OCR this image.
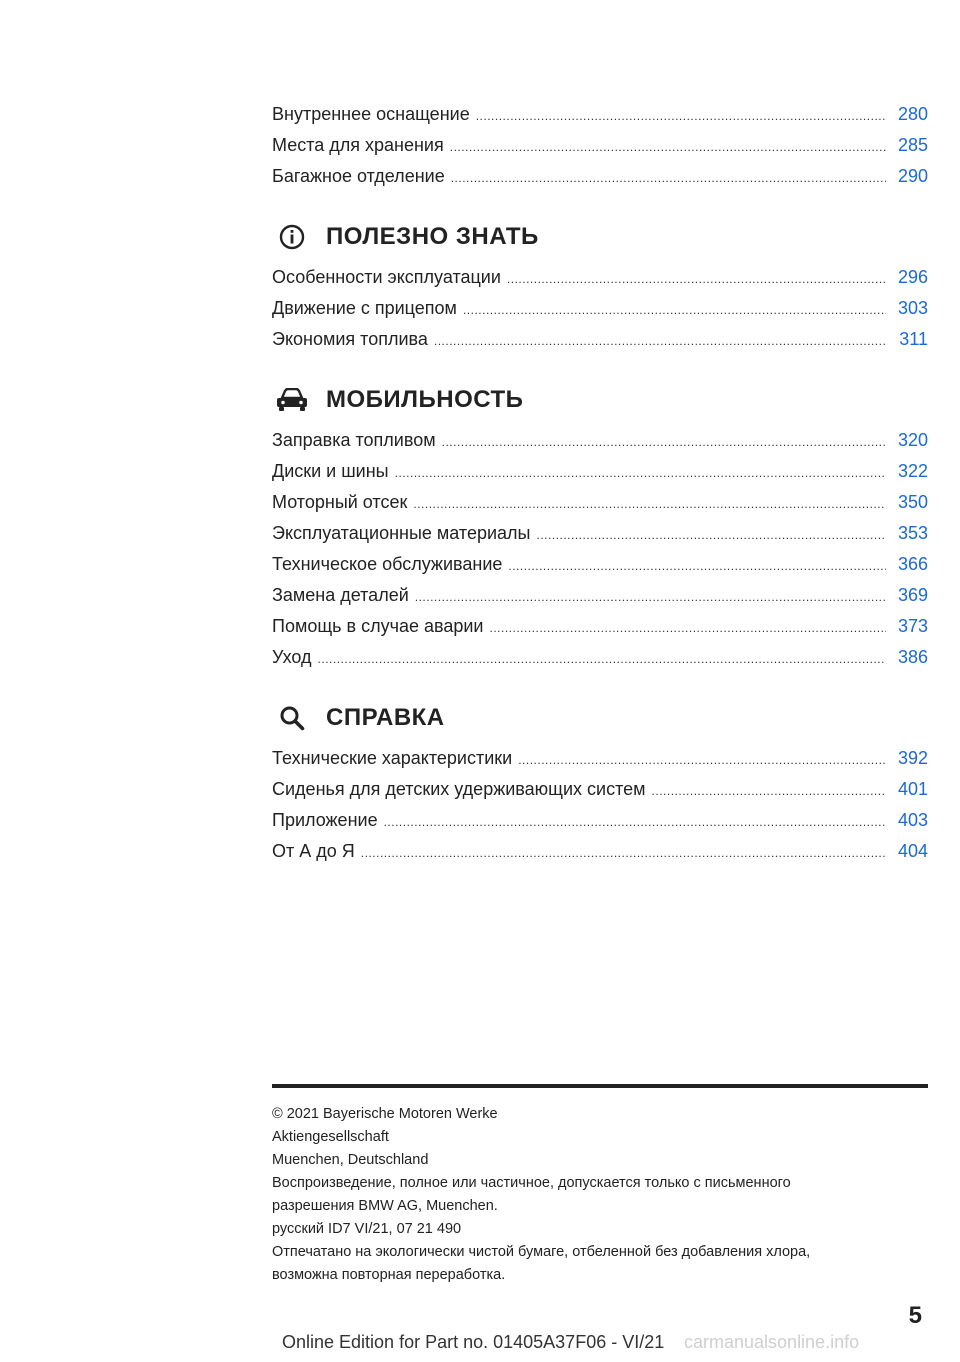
Внутреннее оснащение .....	280
Места для хранения .....	285
Багажное отделение .....	290
ПОЛЕЗНО ЗНАТЬ
Особенности эксплуатации .....	296
Движение с прицепом .....	303
Экономия топлива .....	311
МОБИЛЬНОСТЬ
Заправка топливом .....	320
Диски и шины .....	322
Моторный отсек .....	350
Эксплуатационные материалы .....	353
Техническое обслуживание .....	366
Замена деталей .....	369
Помощь в случае аварии .....	373
Уход .....	386
СПРАВКА
Технические характеристики .....	392
Сиденья для детских удерживающих систем .....	401
Приложение .....	403
От А до Я .....	404
© 2021 Bayerische Motoren Werke
Aktiengesellschaft
Muenchen, Deutschland
Воспроизведение, полное или частичное, допускается только с письменного
разрешения BMW AG, Muenchen.
русский ID7 VI/21, 07 21 490
Отпечатано на экологически чистой бумаге, отбеленной без добавления хлора,
возможна повторная переработка.
5
Online Edition for Part no. 01405A37F06 - VI/21 carmanualsonline.info
